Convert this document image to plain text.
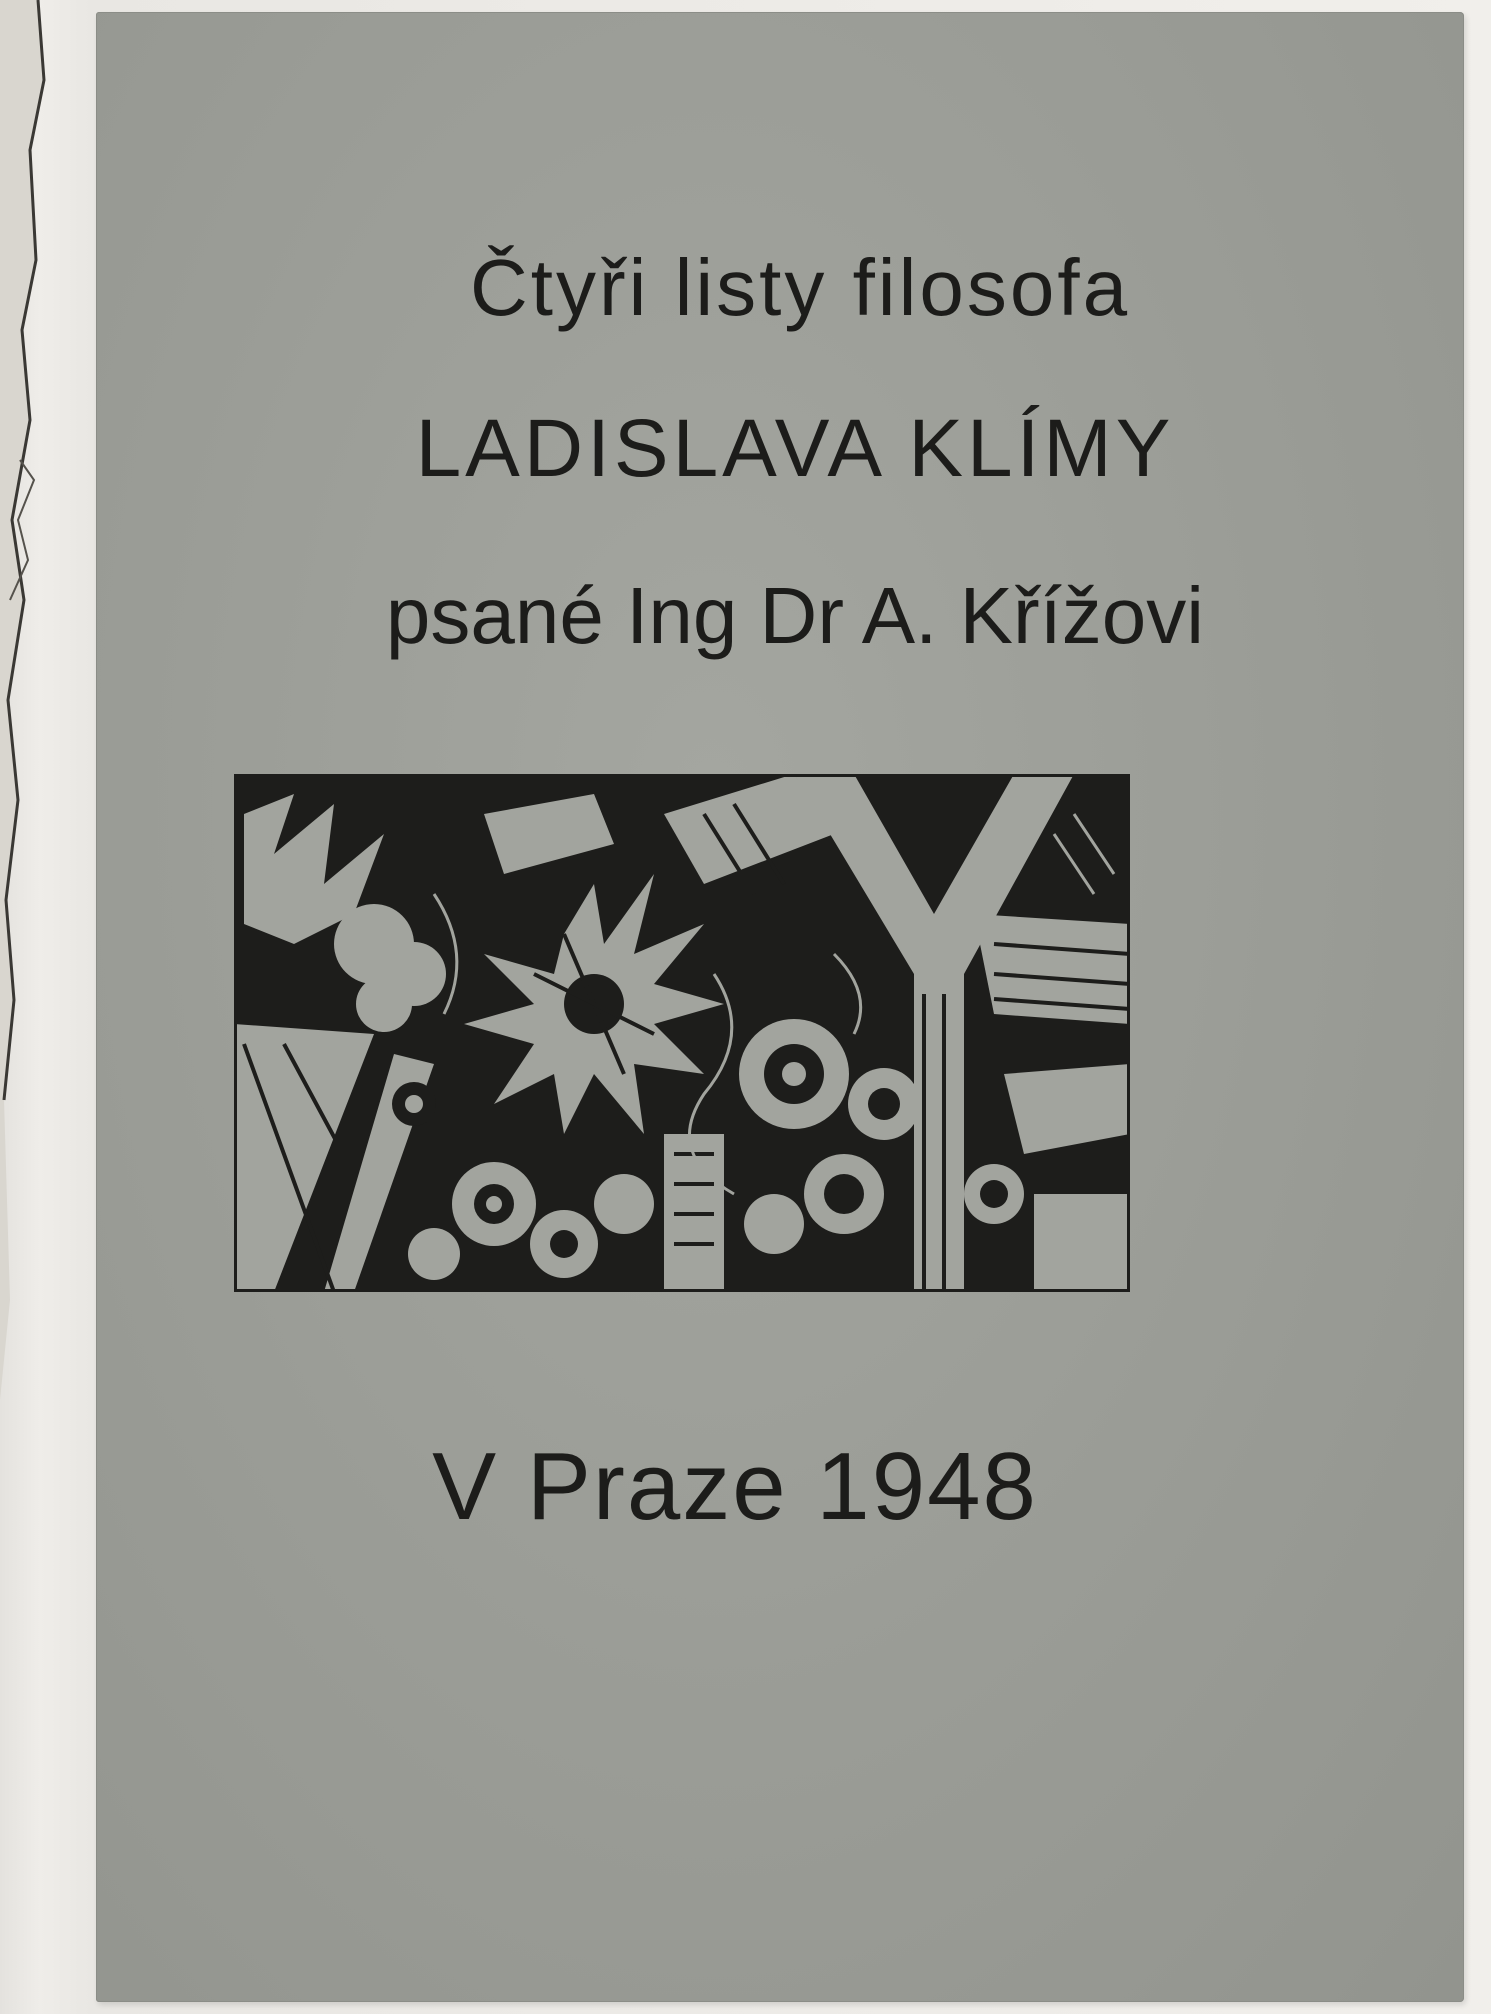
Čtyři listy filosofa
LADISLAVA KLÍMY
psané Ing Dr A. Křížovi
V Praze 1948
